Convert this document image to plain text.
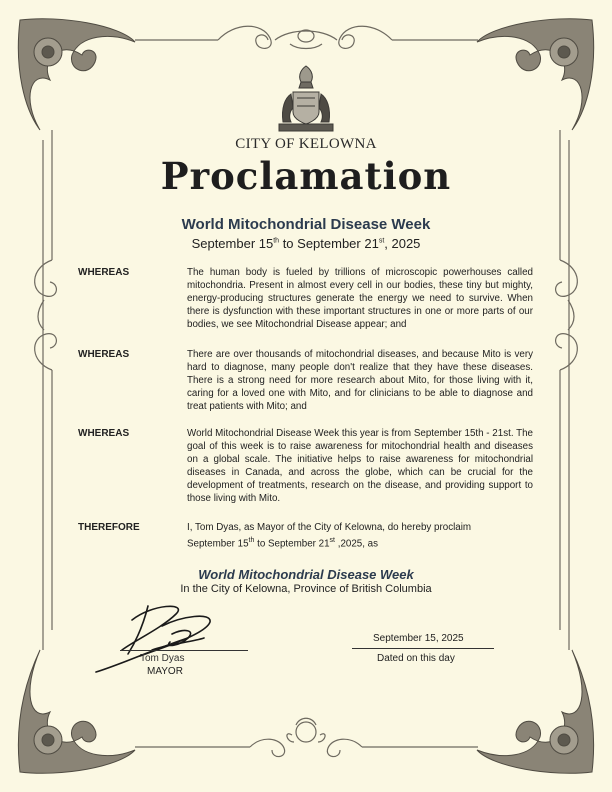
CITY OF KELOWNA
Proclamation
World Mitochondrial Disease Week
September 15th to September 21st, 2025
WHEREAS	The human body is fueled by trillions of microscopic powerhouses called mitochondria. Present in almost every cell in our bodies, these tiny but mighty, energy-producing structures generate the energy we need to survive. When there is dysfunction with these important structures in one or more parts of our bodies, we see Mitochondrial Disease appear; and
WHEREAS	There are over thousands of mitochondrial diseases, and because Mito is very hard to diagnose, many people don't realize that they have these diseases. There is a strong need for more research about Mito, for those living with it, caring for a loved one with Mito, and for clinicians to be able to diagnose and treat patients with Mito; and
WHEREAS	World Mitochondrial Disease Week this year is from September 15th - 21st. The goal of this week is to raise awareness for mitochondrial health and diseases on a global scale. The initiative helps to raise awareness for mitochondrial diseases in Canada, and across the globe, which can be crucial for the development of treatments, research on the disease, and providing support to those living with Mito.
THEREFORE	I, Tom Dyas, as Mayor of the City of Kelowna, do hereby proclaim
September 15th to September 21st ,2025, as
World Mitochondrial Disease Week
In the City of Kelowna, Province of British Columbia
Tom Dyas
MAYOR
September 15, 2025
Dated on this day
